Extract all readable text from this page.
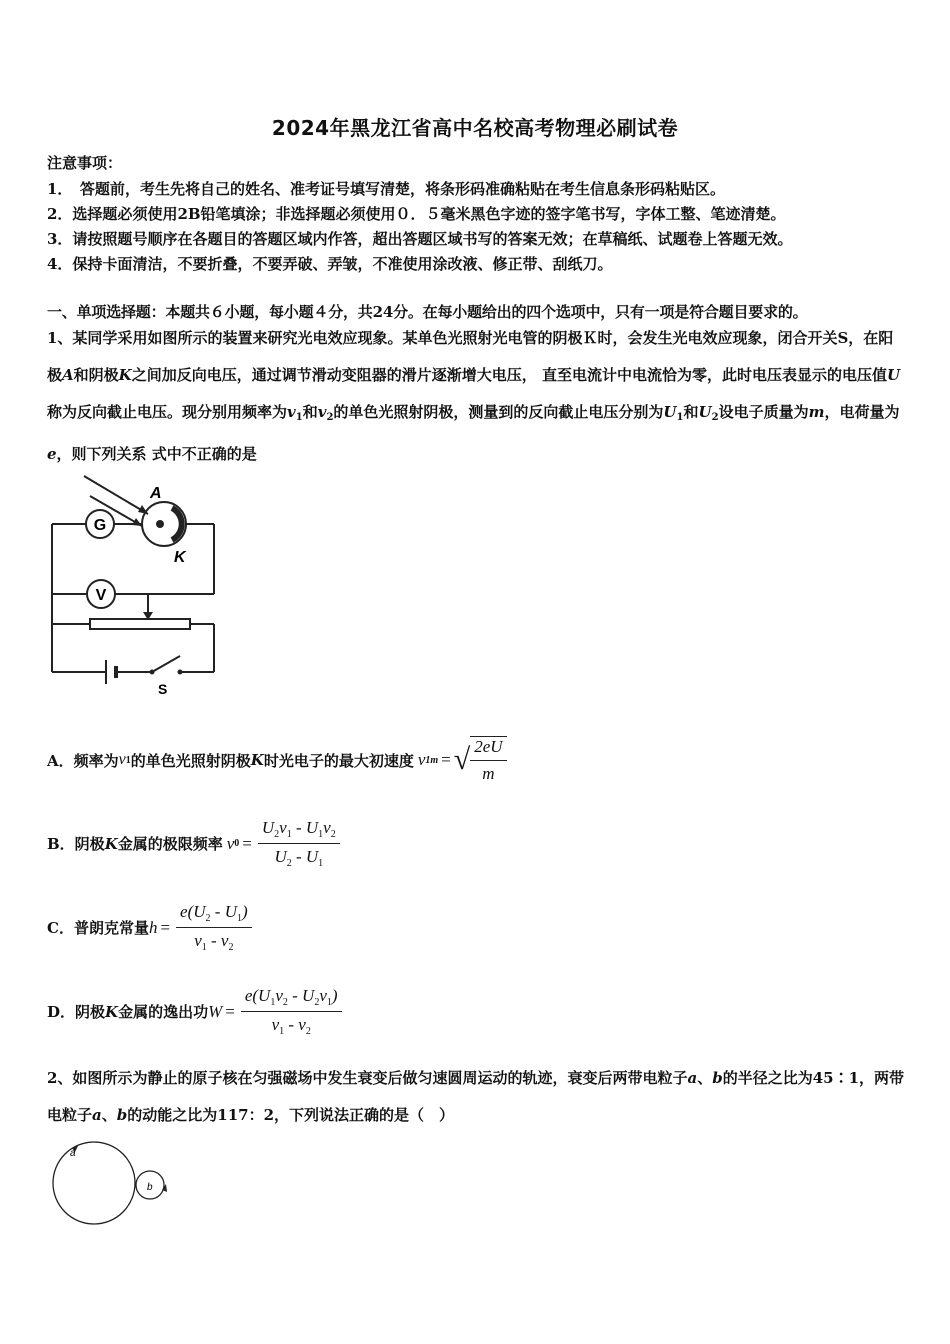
2024年黑龙江省高中名校高考物理必刷试卷
注意事项：
1．　答题前，考生先将自己的姓名、准考证号填写清楚，将条形码准确粘贴在考生信息条形码粘贴区。
2．选择题必须使用2B铅笔填涂；非选择题必须使用０．５毫米黑色字迹的签字笔书写，字体工整、笔迹清楚。
3．请按照题号顺序在各题目的答题区域内作答，超出答题区域书写的答案无效；在草稿纸、试题卷上答题无效。
4．保持卡面清洁，不要折叠，不要弄破、弄皱，不准使用涂改液、修正带、刮纸刀。
一、单项选择题：本题共６小题，每小题４分，共24分。在每小题给出的四个选项中，只有一项是符合题目要求的。
1、某同学采用如图所示的装置来研究光电效应现象。某单色光照射光电管的阴极Ｋ时，会发生光电效应现象，闭合开关S，在阳极A和阴极K之间加反向电压，通过调节滑动变阻器的滑片逐渐增大电压， 直至电流计中电流恰为零，此时电压表显示的电压值U称为反向截止电压。现分别用频率为$v_1$和$v_2$的单色光照射阴极，测量到的反向截止电压分别为$U_1$和$U_2$设电子质量为m，电荷量为e，则下列关系 式中不正确的是
G
V
A
K
S
A．频率为 v 1 的单色光照射阴极 K 时光电子的最大初速度 v 1m = √ $\frac{2eU}{m}$
B．阴极 K 金属的极限频率 v $0 = \frac{U_2v_1 - U_1v_2}{U_2 - U_1}$
C．普朗克常量 $h = \frac{e(U_2 - U_1)}{v_1 - v_2}$
D．阴极 K 金属的逸出功 $W = \frac{e(U_1v_2 - U_2v_1)}{v_1 - v_2}$
2、如图所示为静止的原子核在匀强磁场中发生衰变后做匀速圆周运动的轨迹，衰变后两带电粒子a、b的半径之比为45∶1，两带电粒子a、b的动能之比为117：2，下列说法正确的是（　）
a
b
